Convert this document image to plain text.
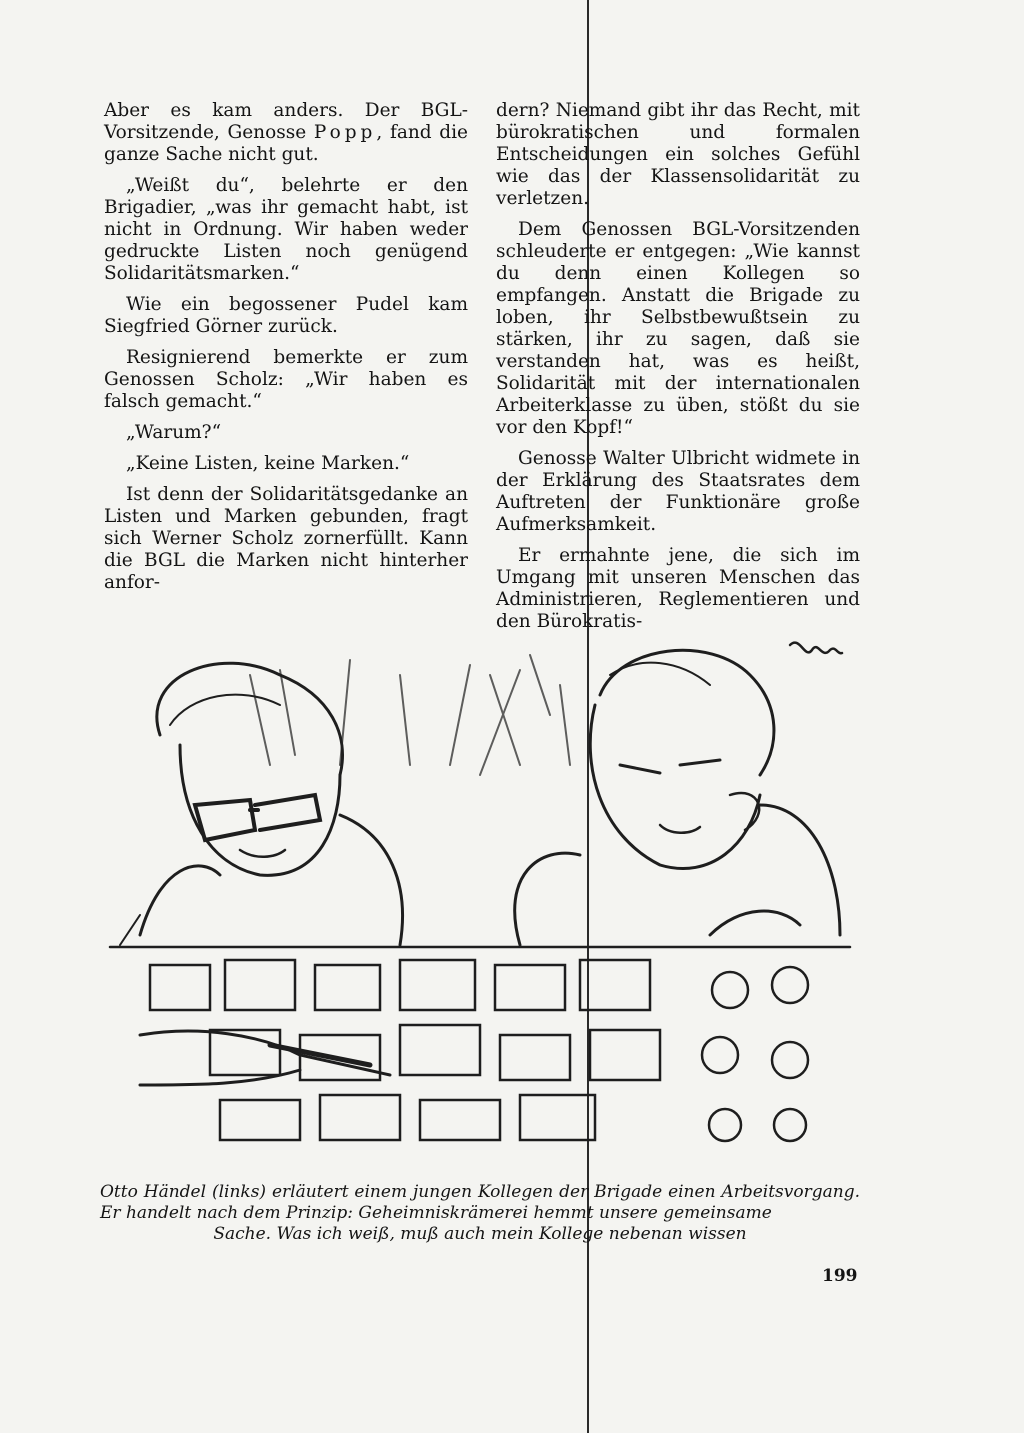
Aber es kam anders. Der BGL-Vorsitzende, Genosse Popp, fand die ganze Sache nicht gut.

„Weißt du“, belehrte er den Brigadier, „was ihr gemacht habt, ist nicht in Ordnung. Wir haben weder gedruckte Listen noch genügend Solidaritätsmarken.“

Wie ein begossener Pudel kam Siegfried Görner zurück.

Resignierend bemerkte er zum Genossen Scholz: „Wir haben es falsch gemacht.“

„Warum?“

„Keine Listen, keine Marken.“

Ist denn der Solidaritätsgedanke an Listen und Marken gebunden, fragt sich Werner Scholz zornerfüllt. Kann die BGL die Marken nicht hinterher anfor-

dern? Niemand gibt ihr das Recht, mit bürokratischen und formalen Entscheidungen ein solches Gefühl wie das der Klassensolidarität zu verletzen.

Dem Genossen BGL-Vorsitzenden schleuderte er entgegen: „Wie kannst du denn einen Kollegen so empfangen. Anstatt die Brigade zu loben, ihr Selbstbewußtsein zu stärken, ihr zu sagen, daß sie verstanden hat, was es heißt, Solidarität mit der internationalen Arbeiterklasse zu üben, stößt du sie vor den Kopf!“

Genosse Walter Ulbricht widmete in der Erklärung des Staatsrates dem Auftreten der Funktionäre große Aufmerksamkeit.

Er ermahnte jene, die sich im Umgang mit unseren Menschen das Administrieren, Reglementieren und den Bürokratis-

Otto Händel (links) erläutert einem jungen Kollegen der Brigade einen Arbeitsvorgang. Er handelt nach dem Prinzip: Geheimniskrämerei hemmt unsere gemeinsame
Sache. Was ich weiß, muß auch mein Kollege nebenan wissen
199
